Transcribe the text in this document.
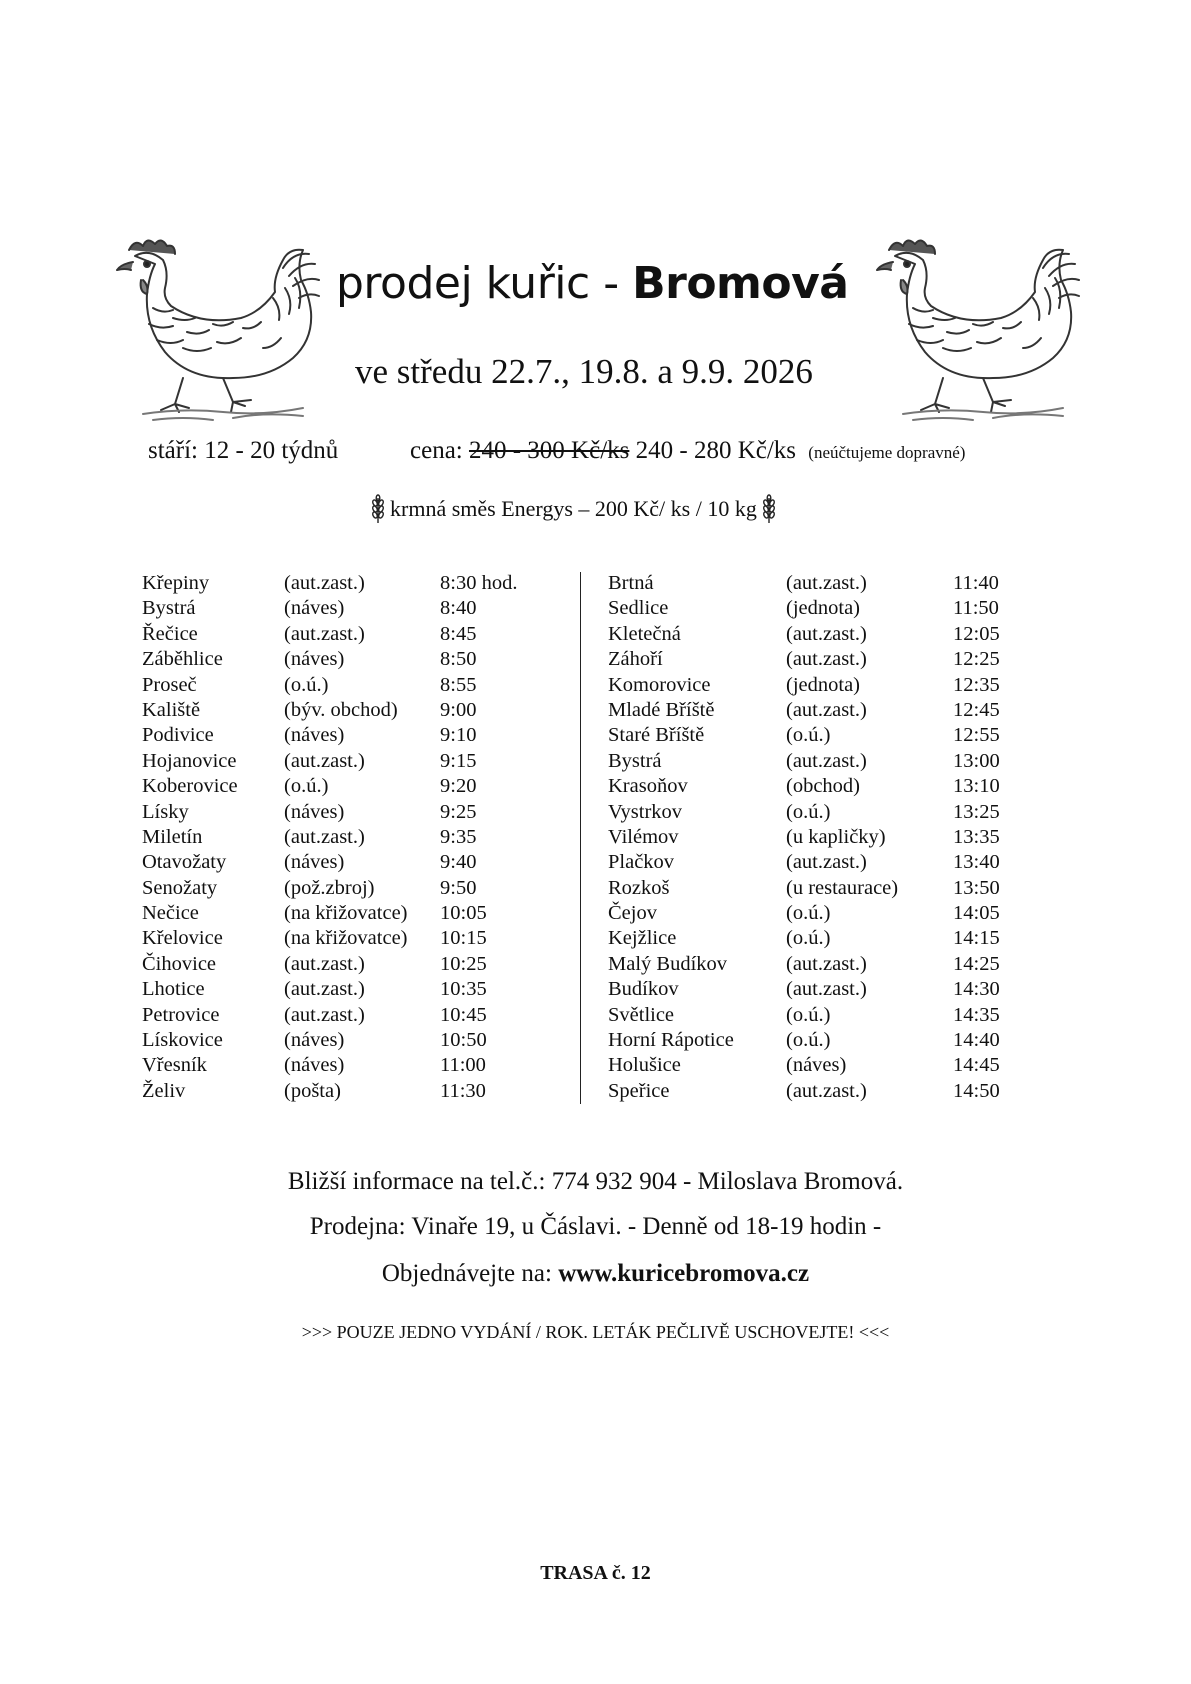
prodej kuřic - Bromová
ve středu 22.7., 19.8. a 9.9. 2026
stáří: 12 - 20 týdnů	cena: 240 - 300 Kč/ks 240 - 280 Kč/ks (neúčtujeme dopravné)
krmná směs Energys – 200 Kč/ ks / 10 kg
Křepiny	(aut.zast.)	8:30 hod.
Bystrá	(náves)	8:40
Řečice	(aut.zast.)	8:45
Záběhlice	(náves)	8:50
Proseč	(o.ú.)	8:55
Kaliště	(býv. obchod) 9:00
Podivice	(náves)	9:10
Hojanovice (aut.zast.)	9:15
Koberovice (o.ú.)	9:20
Lísky	(náves)	9:25
Miletín	(aut.zast.)	9:35
Otavožaty	(náves)	9:40
Senožaty	(pož.zbroj)	9:50
Nečice	(na křižovatce) 10:05
Křelovice	(na křižovatce) 10:15
Čihovice	(aut.zast.)	10:25
Lhotice	(aut.zast.)	10:35
Petrovice	(aut.zast.)	10:45
Lískovice	(náves)	10:50
Vřesník	(náves)	11:00
Želiv	(pošta)	11:30
Brtná	(aut.zast.)	11:40
Sedlice	(jednota)	11:50
Kletečná	(aut.zast.)	12:05
Záhoří	(aut.zast.)	12:25
Komorovice	(jednota)	12:35
Mladé Bříště	(aut.zast.)	12:45
Staré Bříště	(o.ú.)	12:55
Bystrá	(aut.zast.)	13:00
Krasoňov	(obchod)	13:10
Vystrkov	(o.ú.)	13:25
Vilémov	(u kapličky)	13:35
Plačkov	(aut.zast.)	13:40
Rozkoš	(u restaurace)	13:50
Čejov	(o.ú.)	14:05
Kejžlice	(o.ú.)	14:15
Malý Budíkov	(aut.zast.)	14:25
Budíkov	(aut.zast.)	14:30
Světlice	(o.ú.)	14:35
Horní Rápotice	(o.ú.)	14:40
Holušice	(náves)	14:45
Speřice	(aut.zast.)	14:50
Bližší informace na tel.č.: 774 932 904 - Miloslava Bromová.
Prodejna: Vinaře 19, u Čáslavi. - Denně od 18-19 hodin -
Objednávejte na: www.kuricebromova.cz
>>> POUZE JEDNO VYDÁNÍ / ROK. LETÁK PEČLIVĚ USCHOVEJTE! <<<
TRASA č. 12
